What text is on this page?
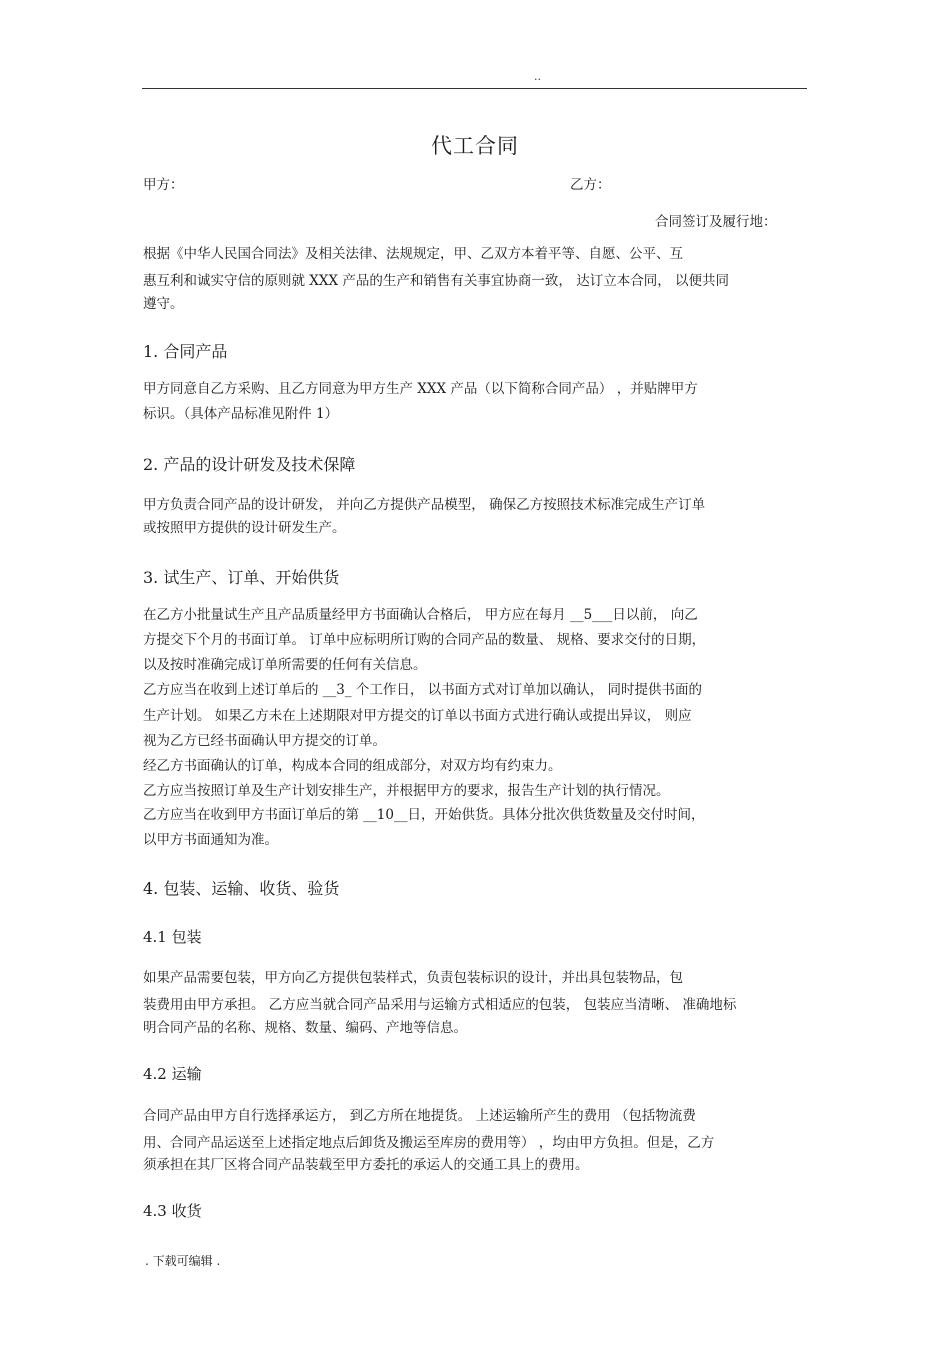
..
代工合同
甲方：	乙方：
合同签订及履行地：
根据《中华人民国合同法》及相关法律、法规规定，甲、乙双方本着平等、自愿、公平、互
惠互利和诚实守信的原则就 XXX 产品的生产和销售有关事宜协商一致， 达订立本合同， 以便共同
遵守。
1. 合同产品
甲方同意自乙方采购、且乙方同意为甲方生产 XXX 产品（以下简称合同产品） ，并贴牌甲方
标识。（具体产品标准见附件 1）
2. 产品的设计研发及技术保障
甲方负责合同产品的设计研发， 并向乙方提供产品模型， 确保乙方按照技术标准完成生产订单
或按照甲方提供的设计研发生产。
3. 试生产、订单、开始供货
在乙方小批量试生产且产品质量经甲方书面确认合格后， 甲方应在每月 __5___日以前， 向乙
方提交下个月的书面订单。 订单中应标明所订购的合同产品的数量、 规格、要求交付的日期，
以及按时准确完成订单所需要的任何有关信息。
乙方应当在收到上述订单后的 __3_ 个工作日， 以书面方式对订单加以确认， 同时提供书面的
生产计划。 如果乙方未在上述期限对甲方提交的订单以书面方式进行确认或提出异议， 则应
视为乙方已经书面确认甲方提交的订单。
经乙方书面确认的订单，构成本合同的组成部分，对双方均有约束力。
乙方应当按照订单及生产计划安排生产，并根据甲方的要求，报告生产计划的执行情况。
乙方应当在收到甲方书面订单后的第 __10__日，开始供货。具体分批次供货数量及交付时间，
以甲方书面通知为准。
4. 包装、运输、收货、验货
4.1 包装
如果产品需要包装，甲方向乙方提供包装样式，负责包装标识的设计，并出具包装物品，包
装费用由甲方承担。 乙方应当就合同产品采用与运输方式相适应的包装， 包装应当清晰、 准确地标
明合同产品的名称、规格、数量、编码、产地等信息。
4.2 运输
合同产品由甲方自行选择承运方， 到乙方所在地提货。 上述运输所产生的费用 （包括物流费
用、合同产品运送至上述指定地点后卸货及搬运至库房的费用等） ，均由甲方负担。但是，乙方
须承担在其厂区将合同产品装载至甲方委托的承运人的交通工具上的费用。
4.3 收货
. 下载可编辑 .
